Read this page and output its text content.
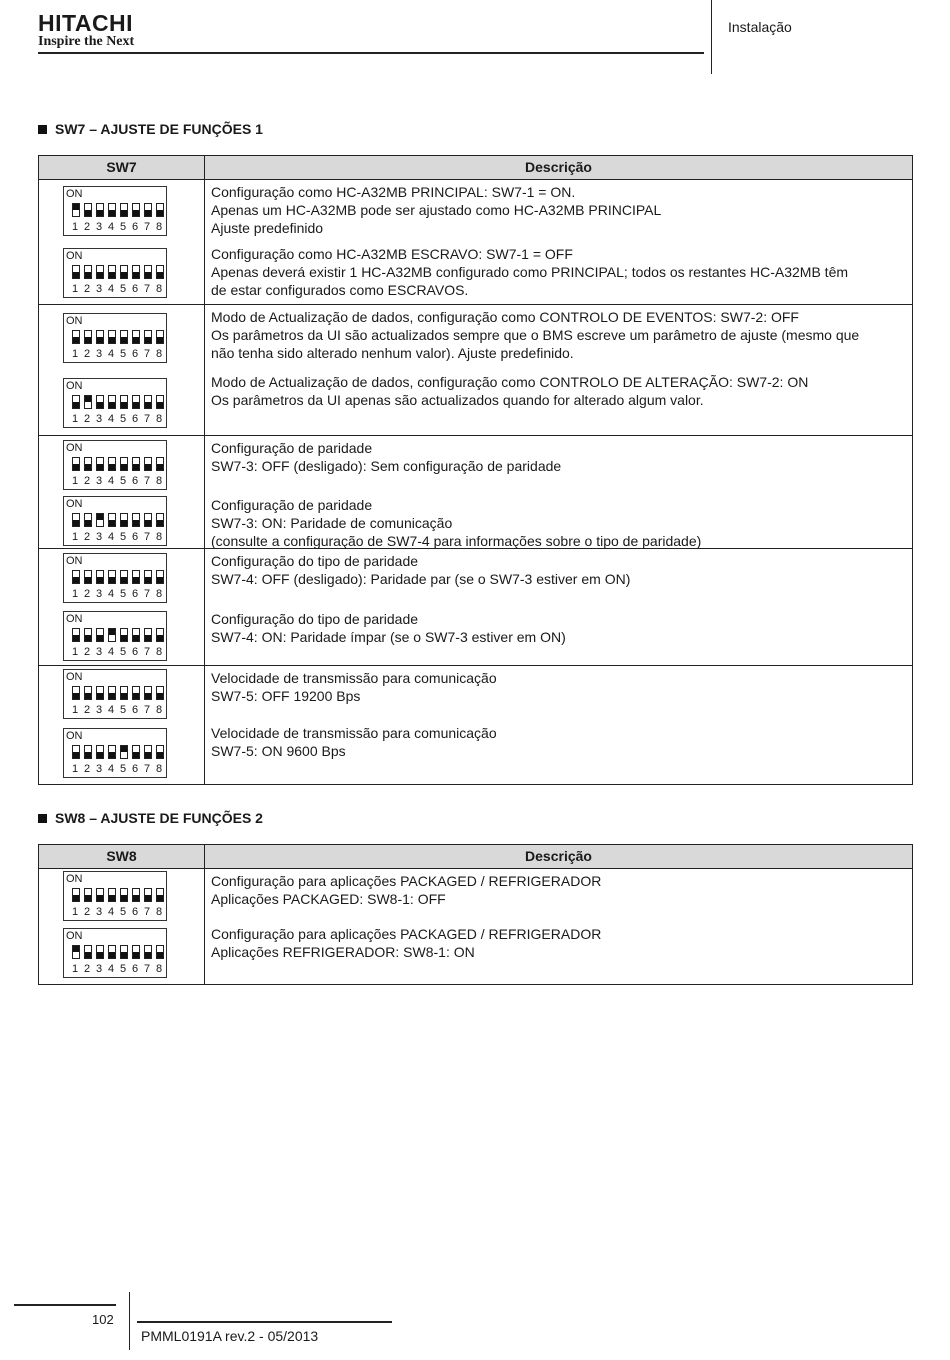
HITACHI
Inspire the Next
Instalação
SW7 – AJUSTE DE FUNÇÕES 1
SW7	Descrição
ON
1 2 3 4 5 6 7 8
ON
1 2 3 4 5 6 7 8
Configuração como HC-A32MB PRINCIPAL: SW7-1 = ON.
Apenas um HC-A32MB pode ser ajustado como HC-A32MB PRINCIPAL
Ajuste predefinido
Configuração como HC-A32MB ESCRAVO: SW7-1 = OFF
Apenas deverá existir 1 HC-A32MB configurado como PRINCIPAL; todos os restantes HC-A32MB têm
de estar configurados como ESCRAVOS.
ON
1 2 3 4 5 6 7 8
ON
1 2 3 4 5 6 7 8
Modo de Actualização de dados, configuração como CONTROLO DE EVENTOS: SW7-2: OFF
Os parâmetros da UI são actualizados sempre que o BMS escreve um parâmetro de ajuste (mesmo que
não tenha sido alterado nenhum valor). Ajuste predefinido.
Modo de Actualização de dados, configuração como CONTROLO DE ALTERAÇÃO: SW7-2: ON
Os parâmetros da UI apenas são actualizados quando for alterado algum valor.
ON
1 2 3 4 5 6 7 8
ON
1 2 3 4 5 6 7 8
Configuração de paridade
SW7-3: OFF (desligado): Sem configuração de paridade
Configuração de paridade
SW7-3: ON: Paridade de comunicação
(consulte a configuração de SW7-4 para informações sobre o tipo de paridade)
ON
1 2 3 4 5 6 7 8
ON
1 2 3 4 5 6 7 8
Configuração do tipo de paridade
SW7-4: OFF (desligado): Paridade par (se o SW7-3 estiver em ON)
Configuração do tipo de paridade
SW7-4: ON: Paridade ímpar (se o SW7-3 estiver em ON)
ON
1 2 3 4 5 6 7 8
ON
1 2 3 4 5 6 7 8
Velocidade de transmissão para comunicação
SW7-5: OFF 19200 Bps
Velocidade de transmissão para comunicação
SW7-5: ON 9600 Bps
SW8 – AJUSTE DE FUNÇÕES 2
SW8	Descrição
ON
1 2 3 4 5 6 7 8
ON
1 2 3 4 5 6 7 8
Configuração para aplicações PACKAGED / REFRIGERADOR
Aplicações PACKAGED: SW8-1: OFF
Configuração para aplicações PACKAGED / REFRIGERADOR
Aplicações REFRIGERADOR: SW8-1: ON
102
PMML0191A rev.2 - 05/2013
